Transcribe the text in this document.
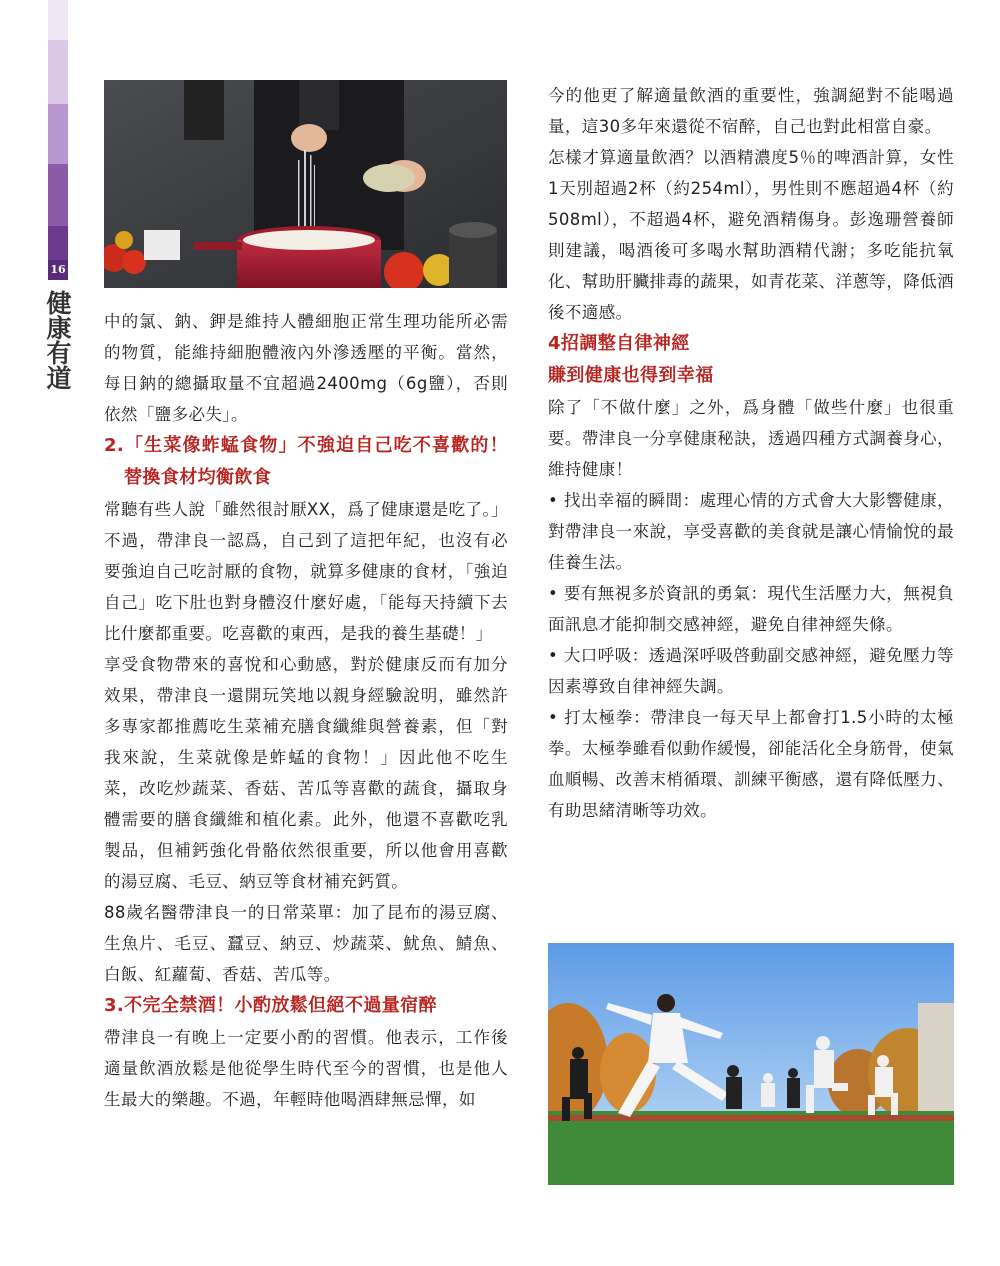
16
健康有道 中的氯、鈉、鉀是維持人體細胞正常生理功能所必需的物質，能維持細胞體液內外滲透壓的平衡。當然，每日鈉的總攝取量不宜超過2400mg（6g鹽），否則依然「鹽多必失」。

2.「生菜像蚱蜢食物」不強迫自己吃不喜歡的！替換食材均衡飲食

常聽有些人說「雖然很討厭XX，爲了健康還是吃了。」不過，帶津良一認爲，自己到了這把年紀，也沒有必要強迫自己吃討厭的食物，就算多健康的食材，「強迫自己」吃下肚也對身體沒什麼好處，「能每天持續下去比什麼都重要。吃喜歡的東西，是我的養生基礎！」

享受食物帶來的喜悅和心動感，對於健康反而有加分效果，帶津良一還開玩笑地以親身經驗說明，雖然許多專家都推薦吃生菜補充膳食纖維與營養素，但「對我來說，生菜就像是蚱蜢的食物！」因此他不吃生菜，改吃炒蔬菜、香菇、苦瓜等喜歡的蔬食，攝取身體需要的膳食纖維和植化素。此外，他還不喜歡吃乳製品，但補鈣強化骨骼依然很重要，所以他會用喜歡的湯豆腐、毛豆、納豆等食材補充鈣質。

88歲名醫帶津良一的日常菜單：加了昆布的湯豆腐、生魚片、毛豆、蠶豆、納豆、炒蔬菜、魷魚、鯖魚、白飯、紅蘿蔔、香菇、苦瓜等。

3.不完全禁酒！小酌放鬆但絕不過量宿醉

帶津良一有晚上一定要小酌的習慣。他表示，工作後適量飲酒放鬆是他從學生時代至今的習慣，也是他人生最大的樂趣。不過，年輕時他喝酒肆無忌憚，如

今的他更了解適量飲酒的重要性，強調絕對不能喝過量，這30多年來還從不宿醉，自己也對此相當自豪。

怎樣才算適量飲酒？以酒精濃度5％的啤酒計算，女性1天別超過2杯（約254ml），男性則不應超過4杯（約508ml），不超過4杯，避免酒精傷身。彭逸珊營養師則建議，喝酒後可多喝水幫助酒精代謝；多吃能抗氧化、幫助肝臟排毒的蔬果，如青花菜、洋蔥等，降低酒後不適感。

4招調整自律神經

賺到健康也得到幸福

除了「不做什麼」之外，爲身體「做些什麼」也很重要。帶津良一分享健康秘訣，透過四種方式調養身心，維持健康！

• 找出幸福的瞬間：處理心情的方式會大大影響健康，對帶津良一來說，享受喜歡的美食就是讓心情愉悅的最佳養生法。

• 要有無視多於資訊的勇氣：現代生活壓力大，無視負面訊息才能抑制交感神經，避免自律神經失條。

• 大口呼吸：透過深呼吸啓動副交感神經，避免壓力等因素導致自律神經失調。

• 打太極拳：帶津良一每天早上都會打1.5小時的太極拳。太極拳雖看似動作緩慢，卻能活化全身筋骨，使氣血順暢、改善末梢循環、訓練平衡感，還有降低壓力、有助思緒清晰等功效。
